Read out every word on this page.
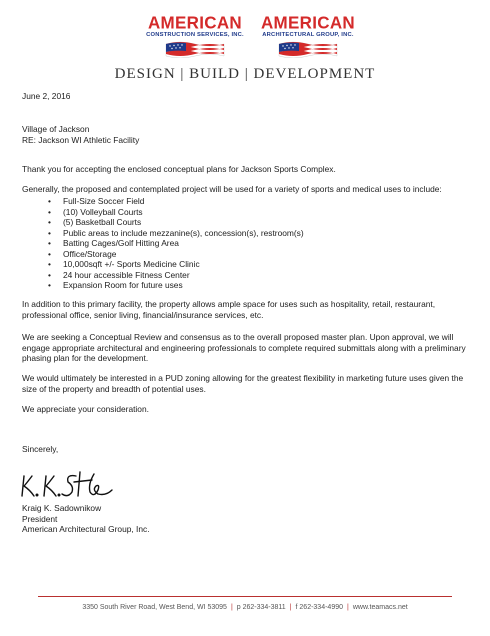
AMERICAN
CONSTRUCTION SERVICES, INC.
AMERICAN
ARCHITECTURAL GROUP, INC.
DESIGN | BUILD | DEVELOPMENT
June 2, 2016
Village of Jackson
RE: Jackson WI Athletic Facility
Thank you for accepting the enclosed conceptual plans for Jackson Sports Complex.
Generally, the proposed and contemplated project will be used for a variety of sports and medical uses to include:
• Full-Size Soccer Field
• (10) Volleyball Courts
• (5) Basketball Courts
• Public areas to include mezzanine(s), concession(s), restroom(s)
• Batting Cages/Golf Hitting Area
• Office/Storage
• 10,000sqft +/- Sports Medicine Clinic
• 24 hour accessible Fitness Center
• Expansion Room for future uses
In addition to this primary facility, the property allows ample space for uses such as hospitality, retail, restaurant, professional office, senior living, financial/insurance services, etc.
We are seeking a Conceptual Review and consensus as to the overall proposed master plan. Upon approval, we will engage appropriate architectural and engineering professionals to complete required submittals along with a preliminary phasing plan for the development.
We would ultimately be interested in a PUD zoning allowing for the greatest flexibility in marketing future uses given the size of the property and breadth of potential uses.
We appreciate your consideration.
Sincerely,
Kraig K. Sadownikow
President
American Architectural Group, Inc.
3350 South River Road, West Bend, WI 53095 | p 262-334-3811 | f 262-334-4990 | www.teamacs.net
